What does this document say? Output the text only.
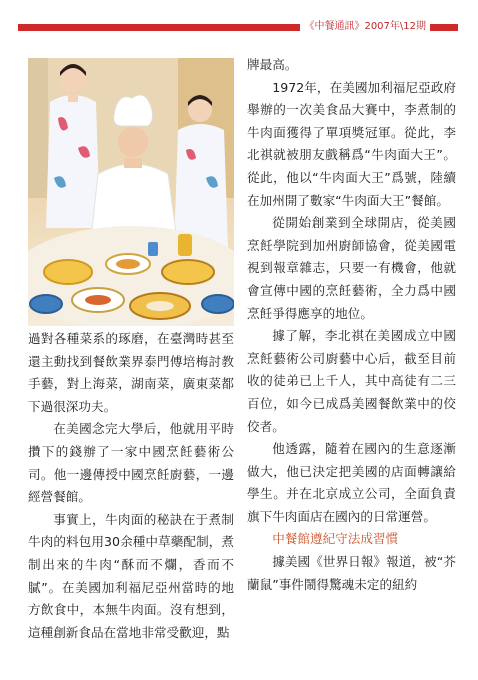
《中餐通訊》2007年\12期

過對各種菜系的琢磨，在臺灣時甚至還主動找到餐飲業界泰門傅培梅討教手藝，對上海菜，湖南菜，廣東菜都下過很深功夫。

在美國念完大學后，他就用平時攢下的錢辦了一家中國烹飪藝術公司。他一邊傳授中國烹飪廚藝，一邊經營餐館。

事實上，牛肉面的秘訣在于煮制牛肉的料包用30余種中草藥配制，煮制出來的牛肉“酥而不爛，香而不膩”。在美國加利福尼亞州當時的地方飲食中，本無牛肉面。沒有想到，這種創新食品在當地非常受歡迎，點

牌最高。

1972年，在美國加利福尼亞政府舉辦的一次美食品大賽中，李煮制的牛肉面獲得了單項獎冠軍。從此，李北祺就被朋友戲稱爲“牛肉面大王”。從此，他以“牛肉面大王”爲號，陸續在加州開了數家“牛肉面大王”餐館。

從開始創業到全球開店，從美國烹飪學院到加州廚師協會，從美國電視到報章雜志，只要一有機會，他就會宣傳中國的烹飪藝術，全力爲中國烹飪爭得應享的地位。

據了解，李北祺在美國成立中國烹飪藝術公司廚藝中心后，截至目前收的徒弟已上千人，其中高徒有二三百位，如今已成爲美國餐飲業中的佼佼者。

他透露，隨着在國內的生意逐漸做大，他已決定把美國的店面轉讓給學生。并在北京成立公司，全面負責旗下牛肉面店在國內的日常運營。

中餐館遵紀守法成習慣

據美國《世界日報》報道，被“芥蘭鼠”事件鬧得驚魂未定的紐約
